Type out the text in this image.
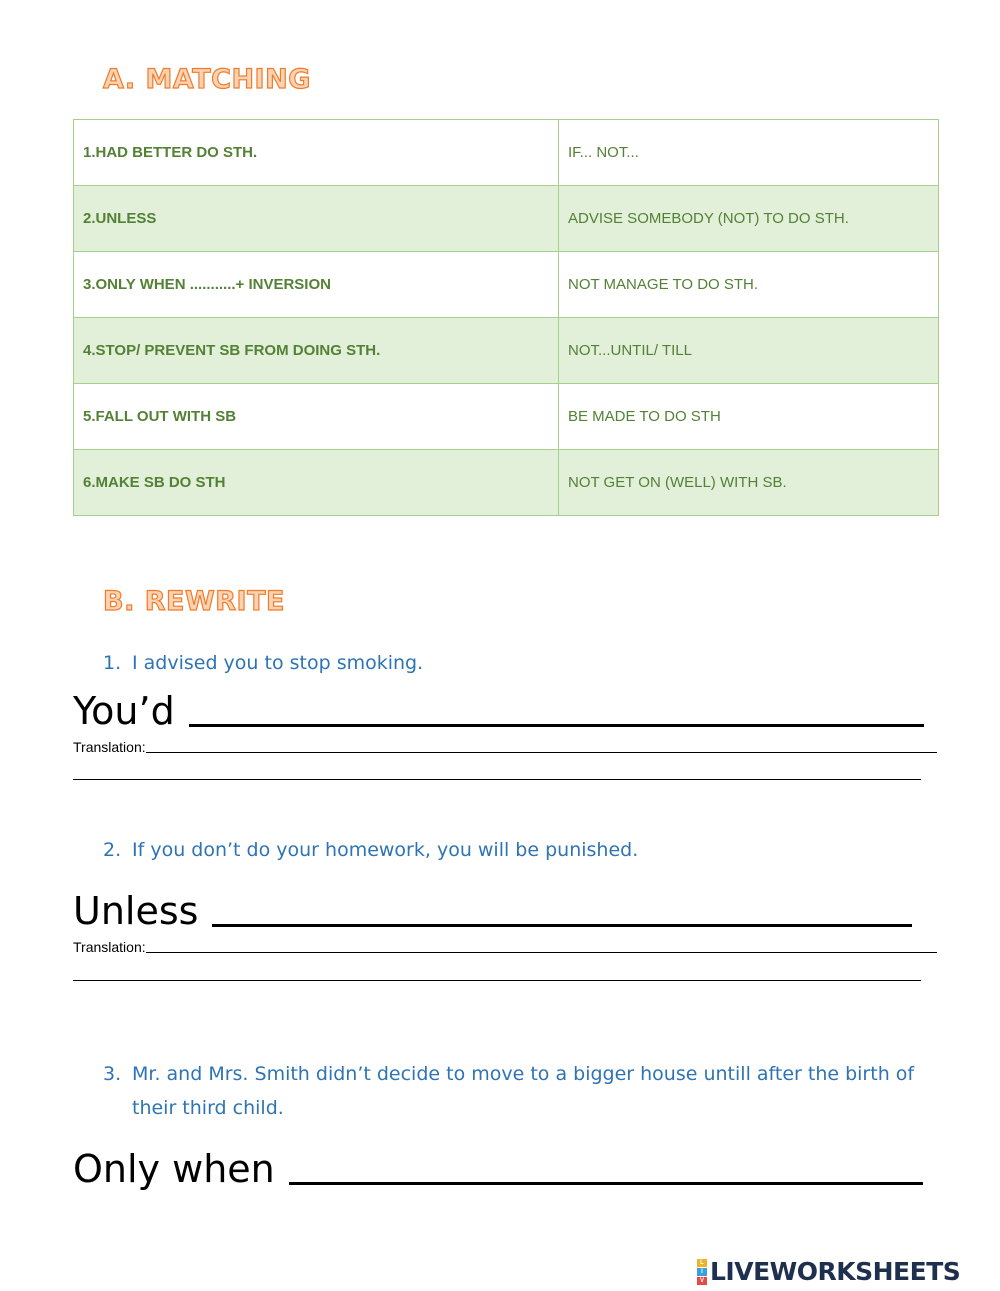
A. MATCHING
1.HAD BETTER DO STH.	IF... NOT...
2.UNLESS	ADVISE SOMEBODY (NOT) TO DO STH.
3.ONLY WHEN ...........+ INVERSION	NOT MANAGE TO DO STH.
4.STOP/ PREVENT SB FROM DOING STH.	NOT...UNTIL/ TILL
5.FALL OUT WITH SB	BE MADE TO DO STH
6.MAKE SB DO STH	NOT GET ON (WELL) WITH SB.
B. REWRITE
1. I advised you to stop smoking.
You’d
Translation:
2. If you don’t do your homework, you will be punished.
Unless
Translation:
3. Mr. and Mrs. Smith didn’t decide to move to a bigger house untill after the birth of their third child.
Only when
L
I
V LIVEWORKSHEETS
